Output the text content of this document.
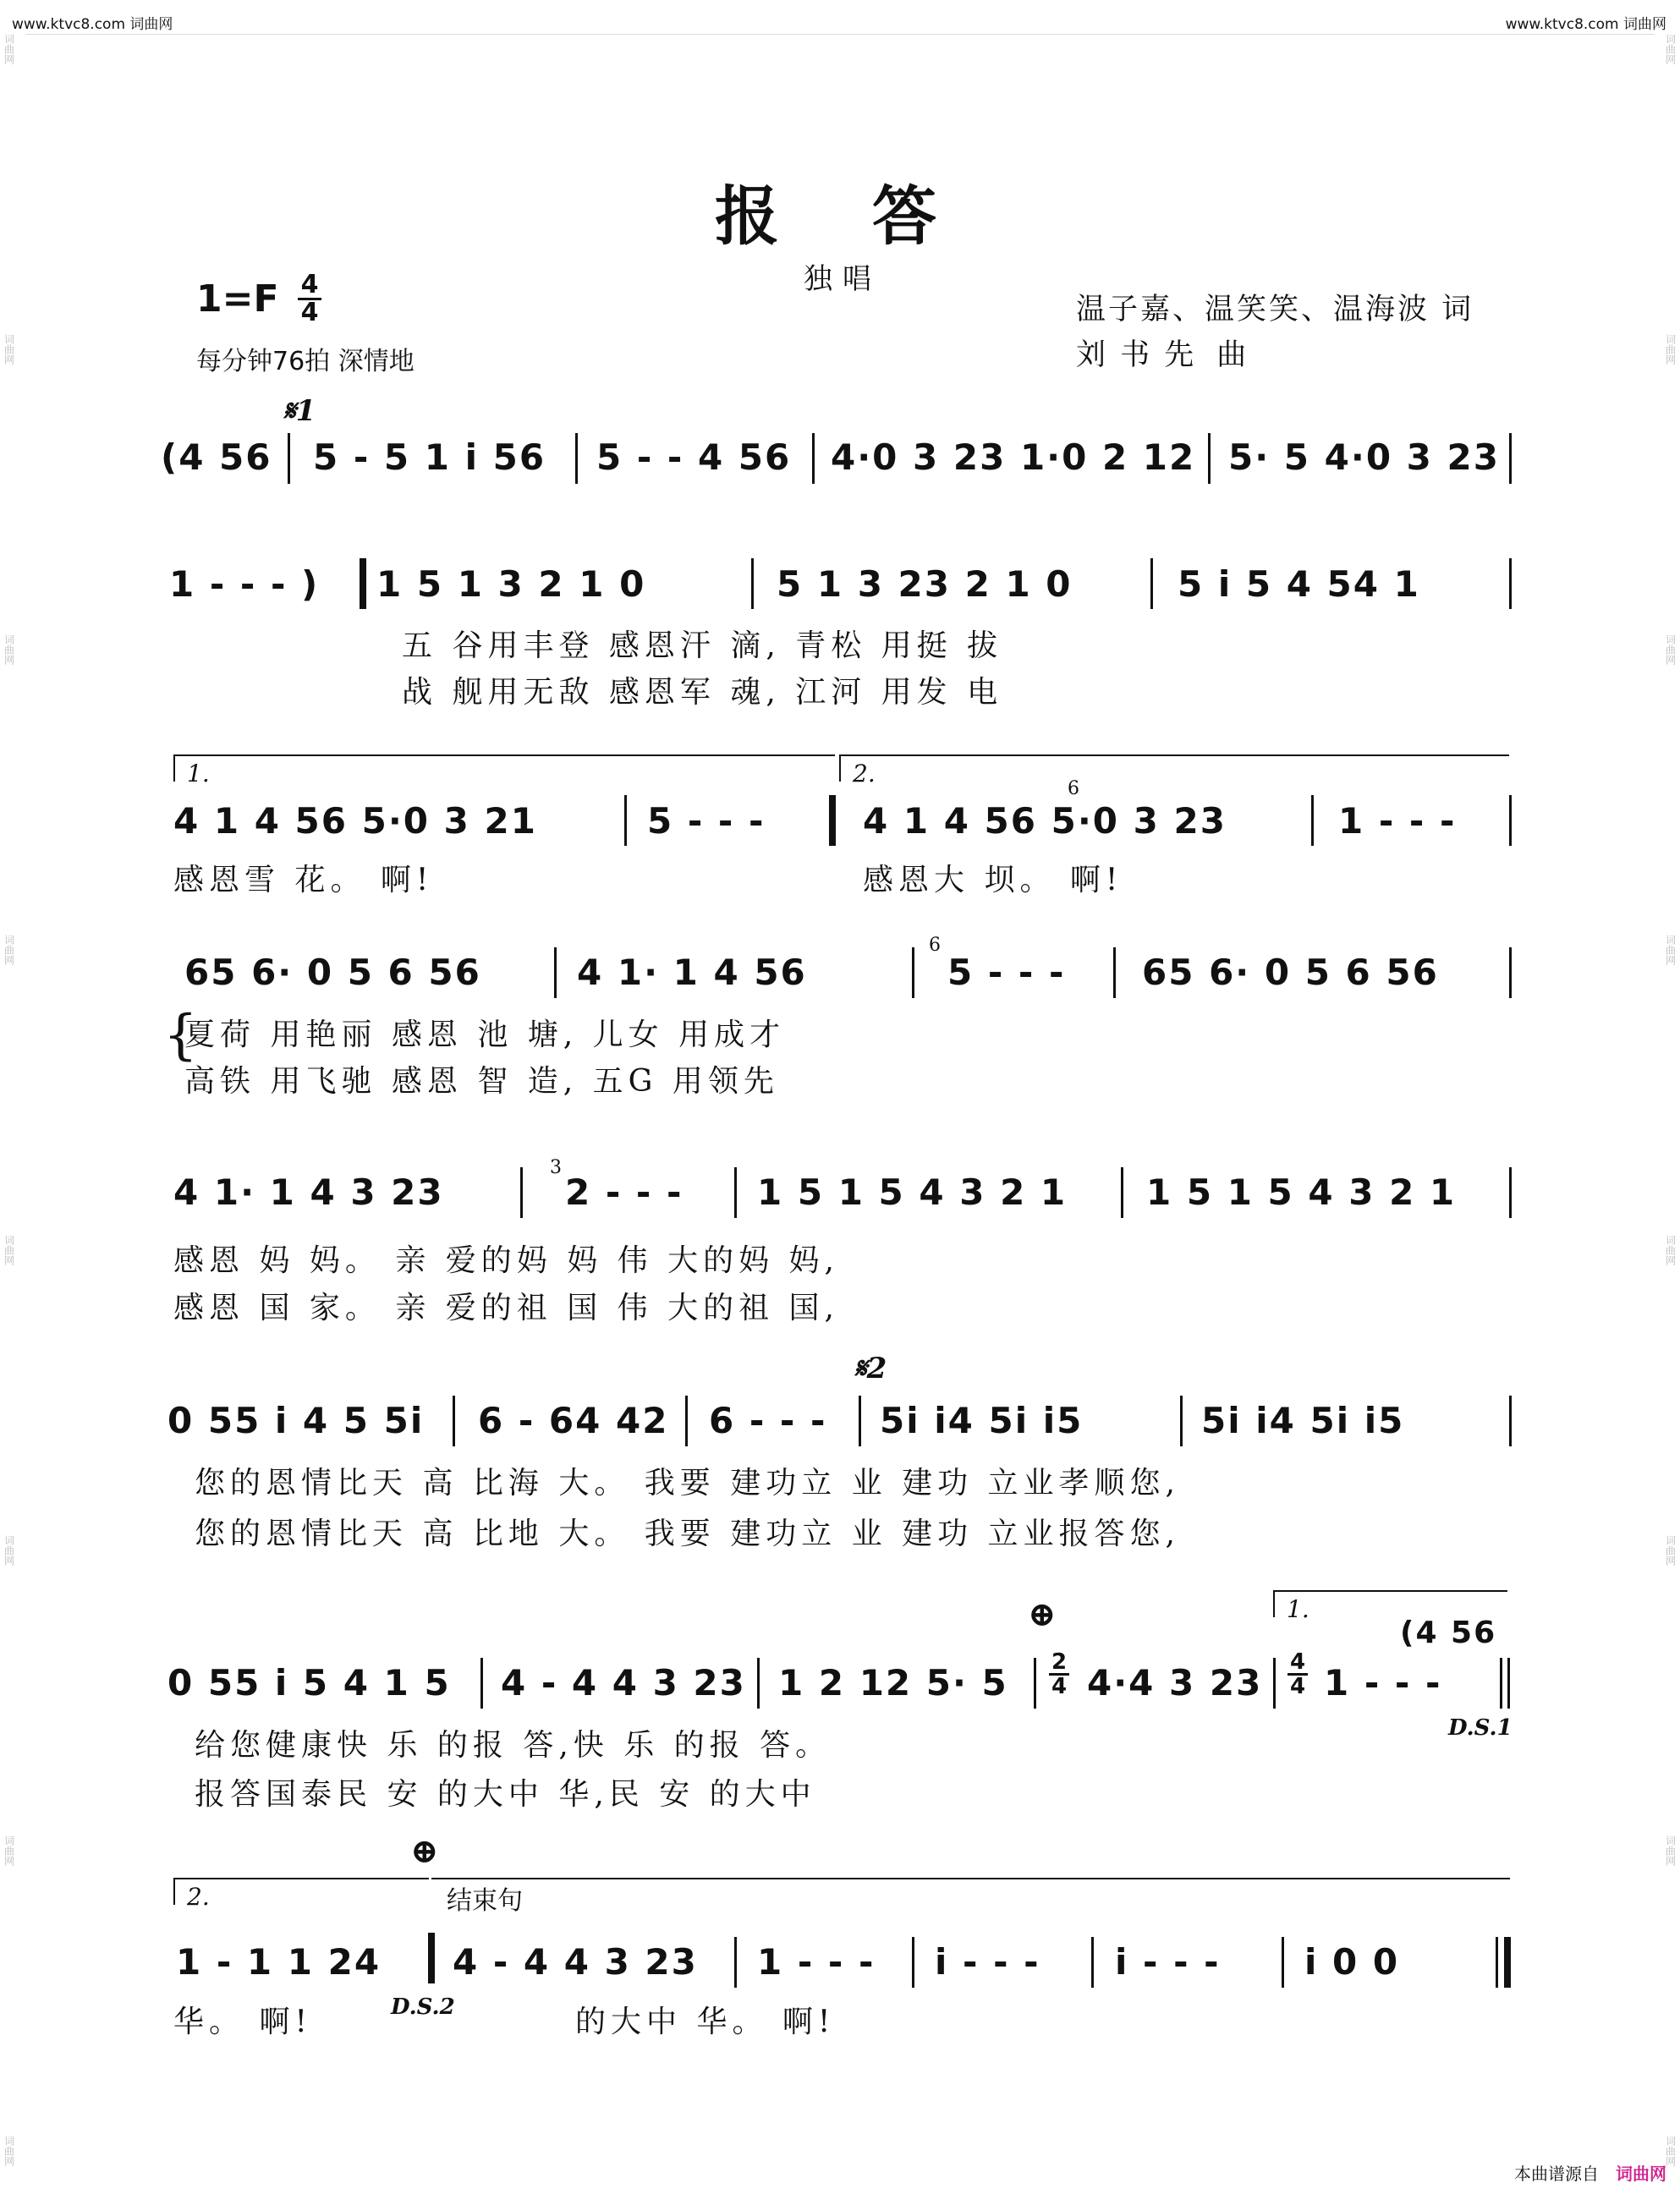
www.ktvc8.com 词曲网	www.ktvc8.com 词曲网
词曲网
词曲网
词曲网
词曲网
词曲网
词曲网
词曲网
词曲网
词曲网
词曲网
词曲网
词曲网
词曲网
词曲网
词曲网
词曲网
报答
独唱
1=F 4
4
每分钟76拍 深情地
温子嘉、温笑笑、温海波 词
刘 书 先 曲
𝄋1
(4 56 5 - 5 1 i 56 5 - - 4 56 4·0 3 23 1·0 2 12 5· 5 4·0 3 23
1 - - - ) 1 5 1 3 2 1 0	5 1 3 23 2 1 0	5 i 5 4 54 1
五 谷用丰登 感恩汗 滴, 青松 用挺 拔
战 舰用无敌 感恩军 魂, 江河 用发 电
1.	2.
4 1 4 56 5·0 3 21	5 - - -
6
4 1 4 56 5·0 3 23	1 - - -
感恩雪 花。 啊!	感恩大 坝。 啊!
65 6· 0 5 6 56	4 1· 1 4 56
6
5 - - - 65 6· 0 5 6 56
{
夏荷 用艳丽 感恩 池 塘, 儿女 用成才
高铁 用飞驰 感恩 智 造, 五G 用领先
4 1· 1 4 3 23
3
2 - - - 1 5 1 5 4 3 2 1 1 5 1 5 4 3 2 1
感恩 妈 妈。 亲 爱的妈 妈 伟 大的妈 妈,
感恩 国 家。 亲 爱的祖 国 伟 大的祖 国,
𝄋2
0 55 i 4 5 5i 6 - 64 42 6 - - - 5i i4 5i i5	5i i4 5i i5
您的恩情比天 高 比海 大。 我要 建功立 业 建功 立业孝顺您,
您的恩情比天 高 比地 大。 我要 建功立 业 建功 立业报答您,
⊕	1.
0 55 i 5 4 1 5 4 - 4 4 3 23 1 2 12 5· 5 2
4 4·4 3 23 4
4 1 - - -
(4 56
D.S.1
给您健康快 乐 的报 答,快 乐 的报 答。
报答国泰民 安 的大中 华,民 安 的大中
⊕
2.	结束句
1 - 1 1 24 4 - 4 4 3 23 1 - - - i - - - i - - - i 0 0
D.S.2
华。 啊!	的大中 华。 啊!
本曲谱源自 词曲网
